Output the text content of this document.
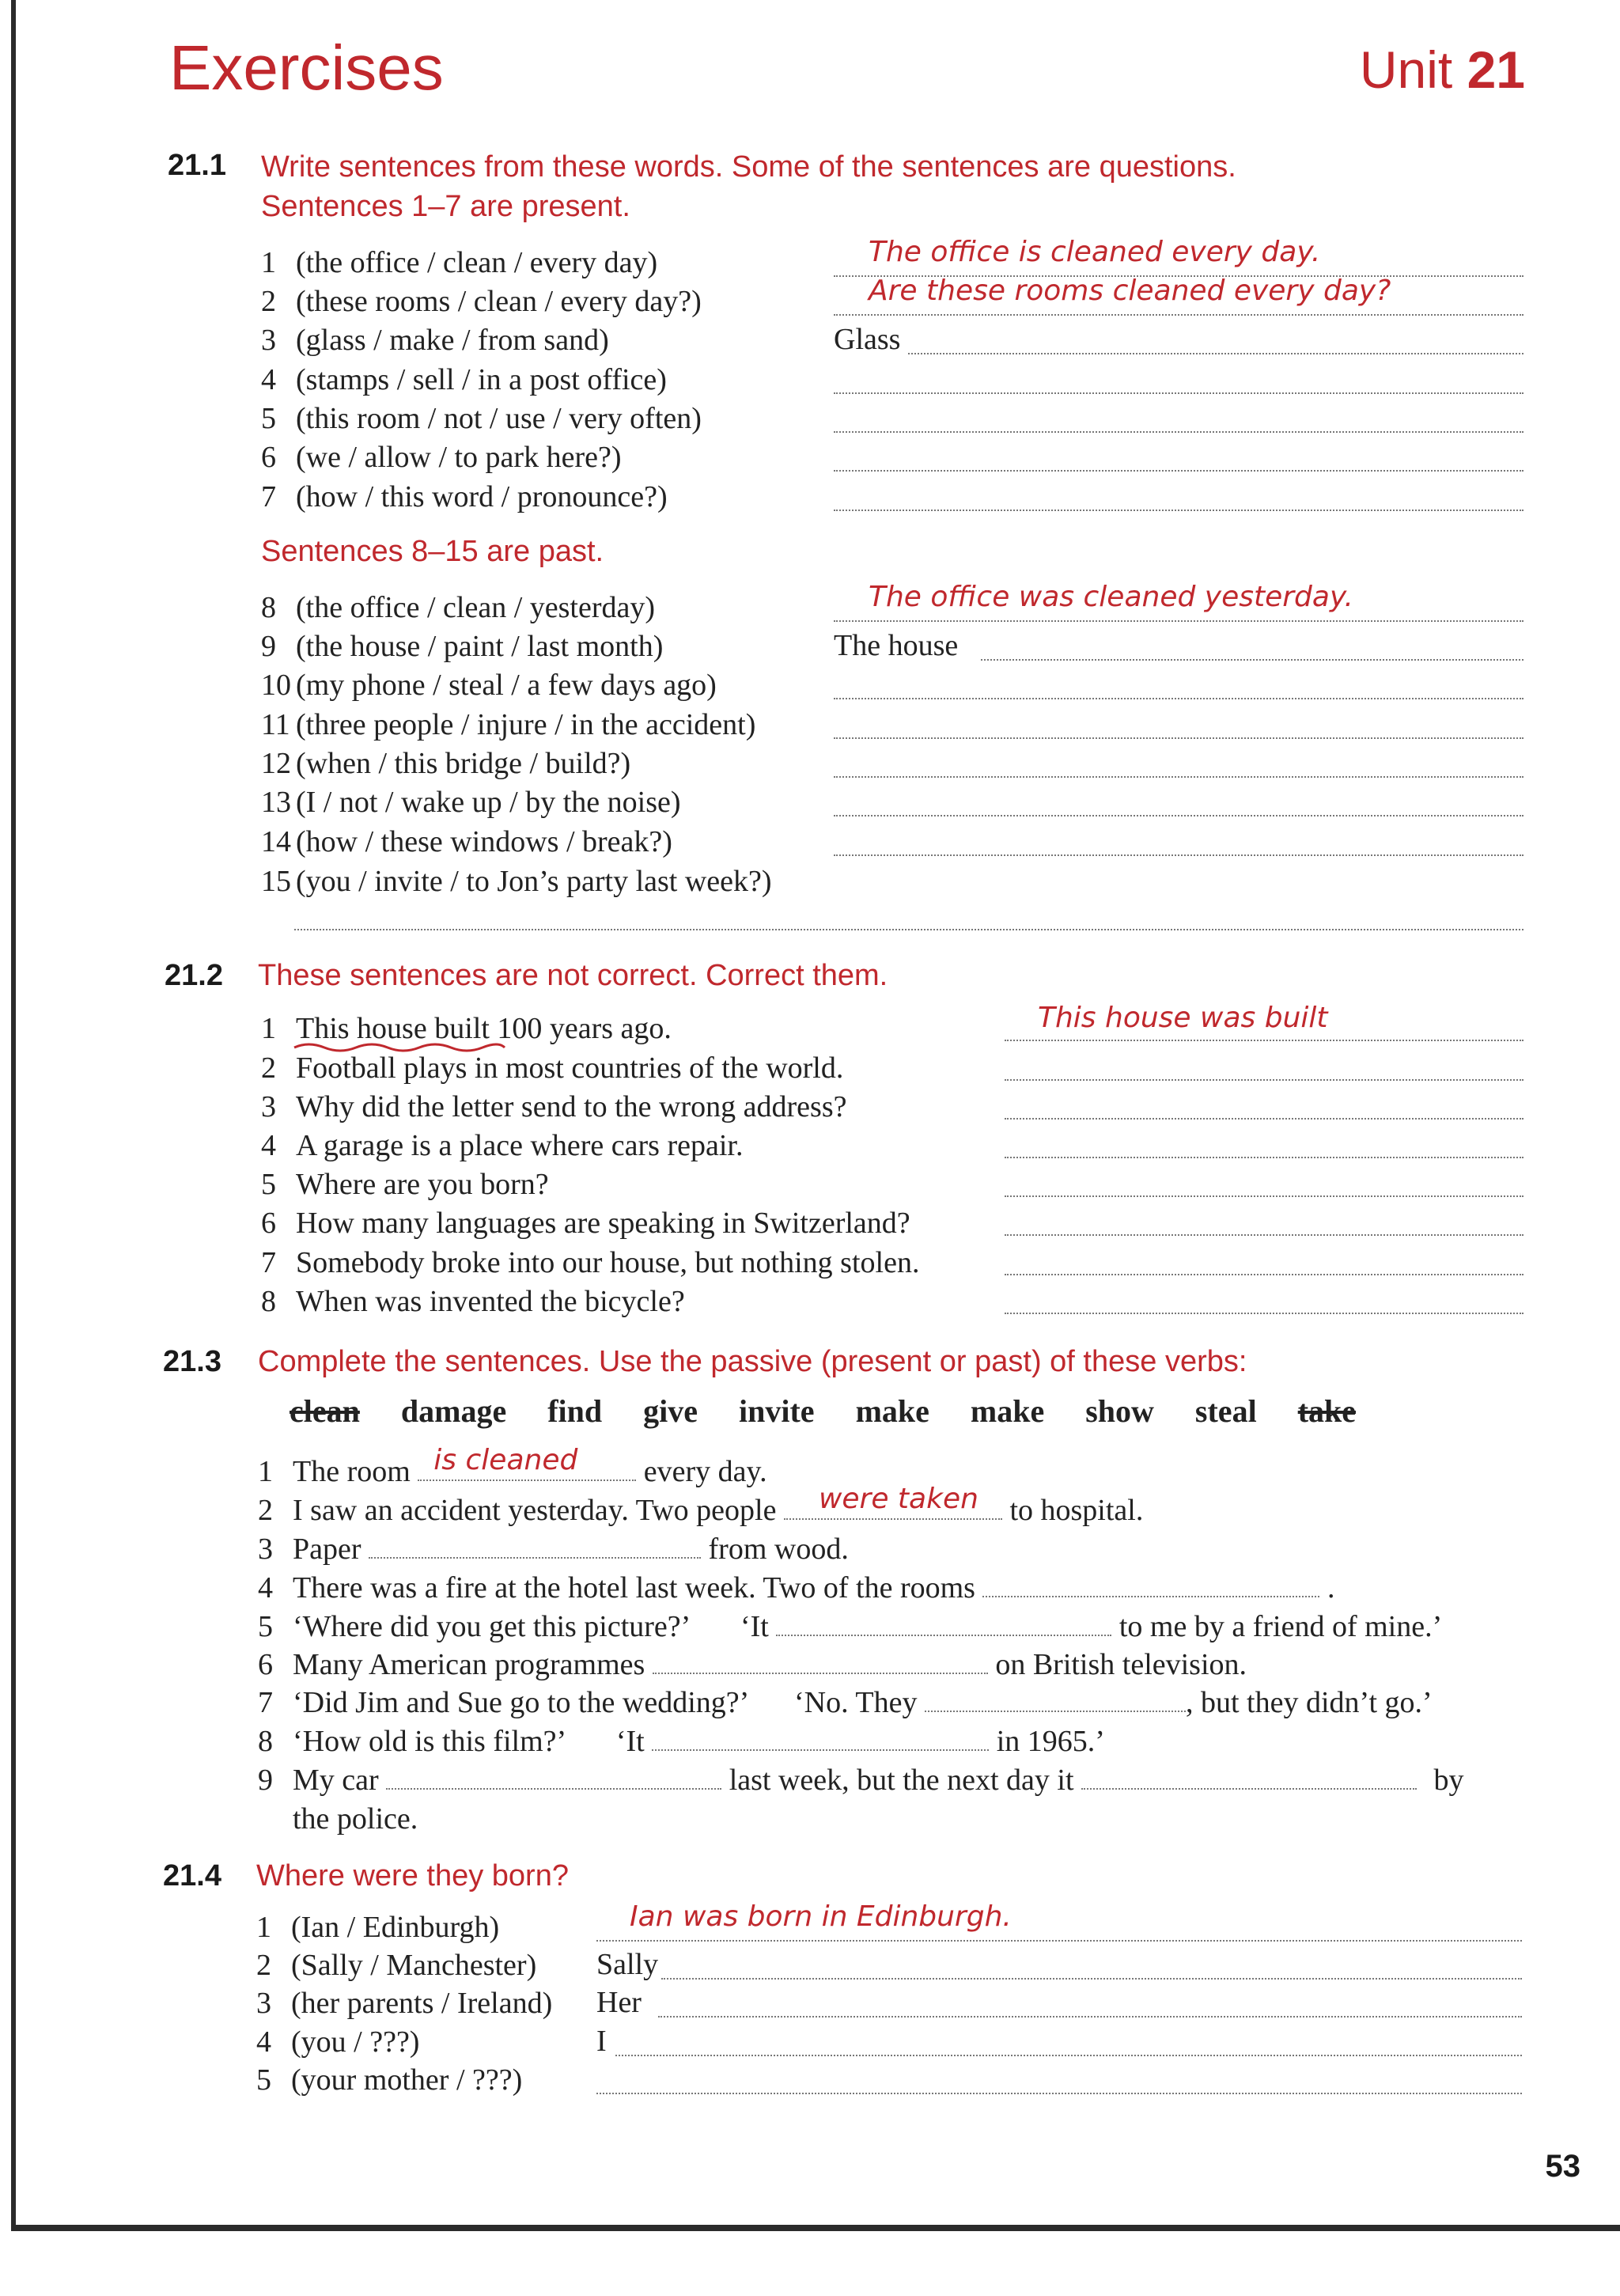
Exercises	Unit 21
21.1 Write sentences from these words. Some of the sentences are questions.
Sentences 1–7 are present.
1 (the office / clean / every day)	The office is cleaned every day.
2 (these rooms / clean / every day?)	Are these rooms cleaned every day?
3 (glass / make / from sand)	Glass
4 (stamps / sell / in a post office)
5 (this room / not / use / very often)
6 (we / allow / to park here?)
7 (how / this word / pronounce?)
8 (the office / clean / yesterday)	The office was cleaned yesterday.
9 (the house / paint / last month)	The house
10 (my phone / steal / a few days ago)
11 (three people / injure / in the accident)
12 (when / this bridge / build?)
13 (I / not / wake up / by the noise)
14 (how / these windows / break?)
15 (you / invite / to Jon’s party last week?)
Sentences 8–15 are past.
21.2 These sentences are not correct. Correct them.
1 This house built 100 years ago.	This house was built
2 Football plays in most countries of the world.
3 Why did the letter send to the wrong address?
4 A garage is a place where cars repair.
5 Where are you born?
6 How many languages are speaking in Switzerland?
7 Somebody broke into our house, but nothing stolen.
8 When was invented the bicycle?
21.3 Complete the sentences. Use the passive (present or past) of these verbs:
clean damage find give invite make make show steal take
1 The room is cleaned every day.
2 I saw an accident yesterday. Two people were taken to hospital.
3 Paper	from wood.
4 There was a fire at the hotel last week. Two of the rooms	.
5 ‘Where did you get this picture?’ ‘It	to me by a friend of mine.’
6 Many American programmes	on British television.
7 ‘Did Jim and Sue go to the wedding?’ ‘No. They	, but they didn’t go.’
8 ‘How old is this film?’ ‘It	in 1965.’
9 My car	last week, but the next day it	by
the police.
21.4 Where were they born?
1 (Ian / Edinburgh)	Ian was born in Edinburgh.
2 (Sally / Manchester) Sally
3 (her parents / Ireland) Her
4 (you / ???)	I
5 (your mother / ???)
53
